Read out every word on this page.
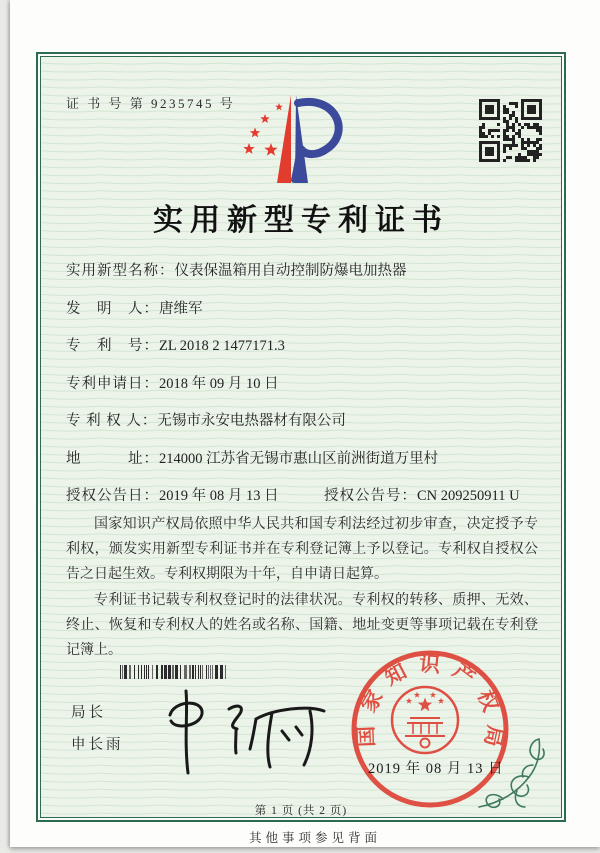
证 书 号 第 9235745 号
实用新型专利证书
实用新型名称：仪表保温箱用自动控制防爆电加热器
发　明　人：唐维军
专　利　号：ZL 2018 2 1477171.3
专利申请日：2018 年 09 月 10 日
专 利 权 人：无锡市永安电热器材有限公司
地　　　址：214000 江苏省无锡市惠山区前洲街道万里村
授权公告日：2019 年 08 月 13 日	授权公告号：CN 209250911 U

国家知识产权局依照中华人民共和国专利法经过初步审查，决定授予专利权，颁发实用新型专利证书并在专利登记簿上予以登记。专利权自授权公告之日起生效。专利权期限为十年，自申请日起算。

专利证书记载专利权登记时的法律状况。专利权的转移、质押、无效、终止、恢复和专利权人的姓名或名称、国籍、地址变更等事项记载在专利登记簿上。

局长
申长雨	国家知识产权局
2019 年 08 月 13 日
第 1 页 (共 2 页)
其他事项参见背面
